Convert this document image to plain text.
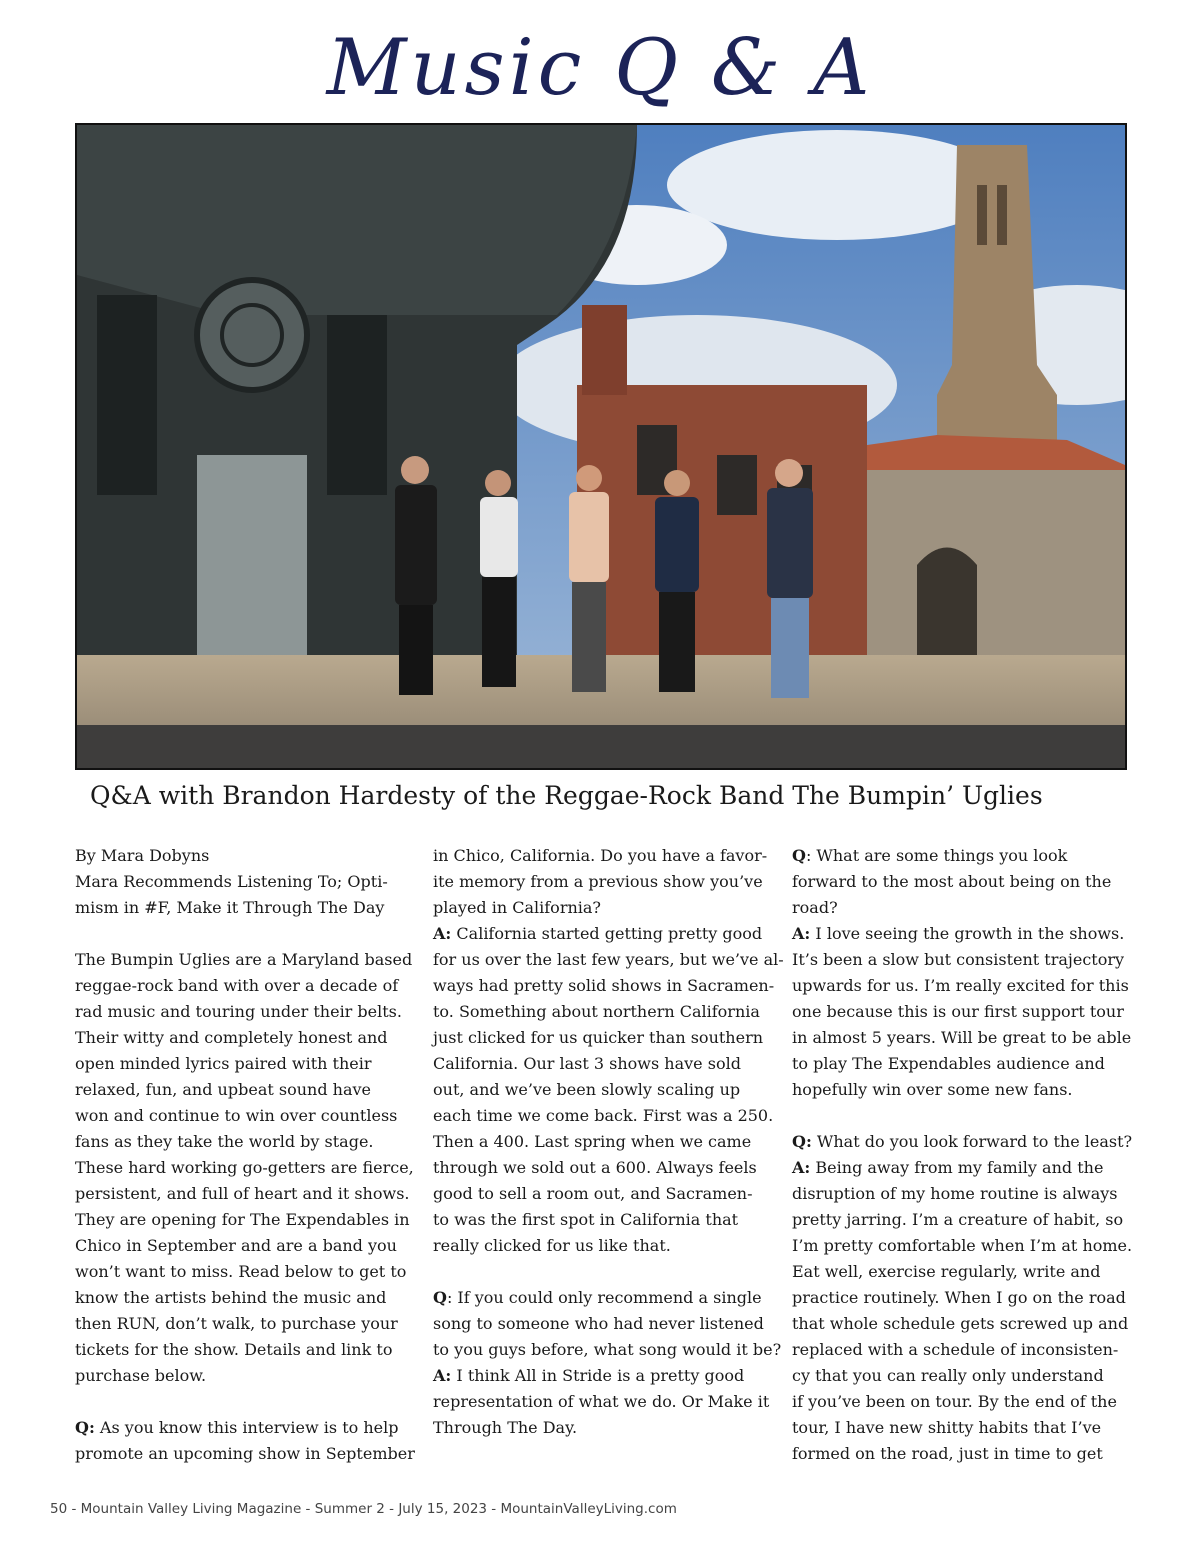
Music Q & A
Q&A with Brandon Hardesty of the Reggae-Rock Band The Bumpin’ Uglies
By Mara Dobyns
Mara Recommends Listening To; Opti-
mism in #F, Make it Through The Day
The Bumpin Uglies are a Maryland based
reggae-rock band with over a decade of
rad music and touring under their belts.
Their witty and completely honest and
open minded lyrics paired with their
relaxed, fun, and upbeat sound have
won and continue to win over countless
fans as they take the world by stage.
These hard working go-getters are fierce,
persistent, and full of heart and it shows.
They are opening for The Expendables in
Chico in September and are a band you
won’t want to miss. Read below to get to
know the artists behind the music and
then RUN, don’t walk, to purchase your
tickets for the show. Details and link to
purchase below.
Q: As you know this interview is to help
promote an upcoming show in September
in Chico, California. Do you have a favor-
ite memory from a previous show you’ve
played in California?
A: California started getting pretty good
for us over the last few years, but we’ve al-
ways had pretty solid shows in Sacramen-
to. Something about northern California
just clicked for us quicker than southern
California. Our last 3 shows have sold
out, and we’ve been slowly scaling up
each time we come back. First was a 250.
Then a 400. Last spring when we came
through we sold out a 600. Always feels
good to sell a room out, and Sacramen-
to was the first spot in California that
really clicked for us like that.
Q: If you could only recommend a single
song to someone who had never listened
to you guys before, what song would it be?
A: I think All in Stride is a pretty good
representation of what we do. Or Make it
Through The Day.
Q: What are some things you look
forward to the most about being on the
road?
A: I love seeing the growth in the shows.
It’s been a slow but consistent trajectory
upwards for us. I’m really excited for this
one because this is our first support tour
in almost 5 years. Will be great to be able
to play The Expendables audience and
hopefully win over some new fans.
Q: What do you look forward to the least?
A: Being away from my family and the
disruption of my home routine is always
pretty jarring. I’m a creature of habit, so
I’m pretty comfortable when I’m at home.
Eat well, exercise regularly, write and
practice routinely. When I go on the road
that whole schedule gets screwed up and
replaced with a schedule of inconsisten-
cy that you can really only understand
if you’ve been on tour. By the end of the
tour, I have new shitty habits that I’ve
formed on the road, just in time to get
50 - Mountain Valley Living Magazine - Summer 2 - July 15, 2023 - MountainValleyLiving.com
